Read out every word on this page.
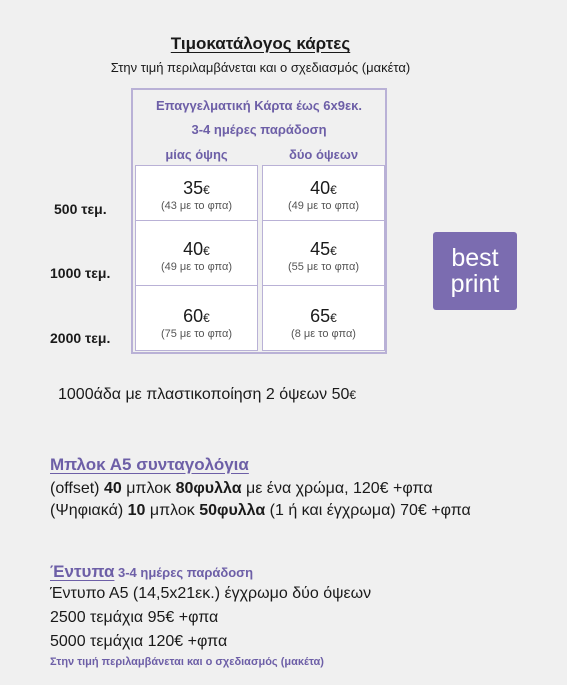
Τιμοκατάλογος κάρτες
Στην τιμή περιλαμβάνεται και ο σχεδιασμός (μακέτα)
Επαγγελματική Κάρτα έως 6x9εκ.
3-4 ημέρες παράδοση
μίας όψης	δύο όψεων
35€
(43 με το φπα)
40€
(49 με το φπα)
40€
(49 με το φπα)
45€
(55 με το φπα)
60€
(75 με το φπα)
65€
(8 με το φπα)
500 τεμ.
1000 τεμ.
2000 τεμ.
best
print
1000άδα με πλαστικοποίηση 2 όψεων 50€
Μπλοκ Α5 συνταγολόγια
(offset) 40 μπλοκ 80φυλλα με ένα χρώμα, 120€ +φπα
(Ψηφιακά) 10 μπλοκ 50φυλλα (1 ή και έγχρωμα) 70€ +φπα
Έντυπα 3-4 ημέρες παράδοση
Έντυπο Α5 (14,5x21εκ.) έγχρωμο δύο όψεων
2500 τεμάχια 95€ +φπα
5000 τεμάχια 120€ +φπα
Στην τιμή περιλαμβάνεται και ο σχεδιασμός (μακέτα)
